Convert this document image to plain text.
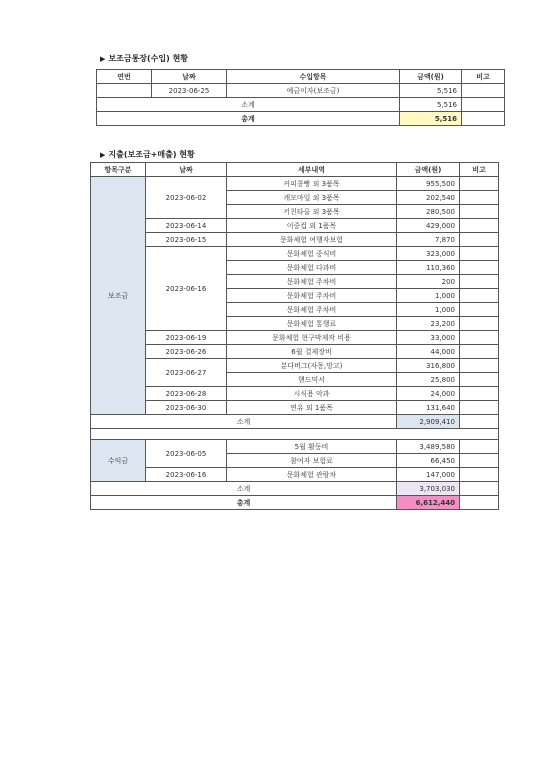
▶ 보조금통장(수입) 현황
연번	날짜	수입항목	금액(원)	비고
	2023-06-25	예금이자(보조금)	5,516	
소계			5,516	
총계			5,516	
▶ 지출(보조금+매출) 현황
항목구분	날짜	세부내역	금액(원)	비고
보조금	2023-06-02	커피콩빵 외 3품목	955,500	
		캐모마일 외 3품목	202,540	
		키친타올 외 3품목	280,500	
	2023-06-14	이중컵 외 1품목	429,000	
	2023-06-15	문화체험 여행자보험	7,870	
	2023-06-16	문화체험 중식비	323,000	
		문화체험 다과비	110,360	
		문화체험 주차비	200	
		문화체험 주차비	1,000	
		문화체험 주차비	1,000	
		문화체험 통행료	23,200	
	2023-06-19	문화체험 현구막제작 비용	33,000	
	2023-06-26	6월 결제장비	44,000	
	2023-06-27	분다버그(자몽,망고)	316,800	
		핸드믹서	25,800	
	2023-06-28	시식용 악과	24,000	
	2023-06-30	연유 외 1품목	131,640	
소계			2,909,410	

수익금	2023-06-05	5월 활동비	3,489,580	
		참여자 보험료	66,450	
	2023-06-16	문화체험 관람차	147,000	
소계			3,703,030	
총계			6,612,440	
